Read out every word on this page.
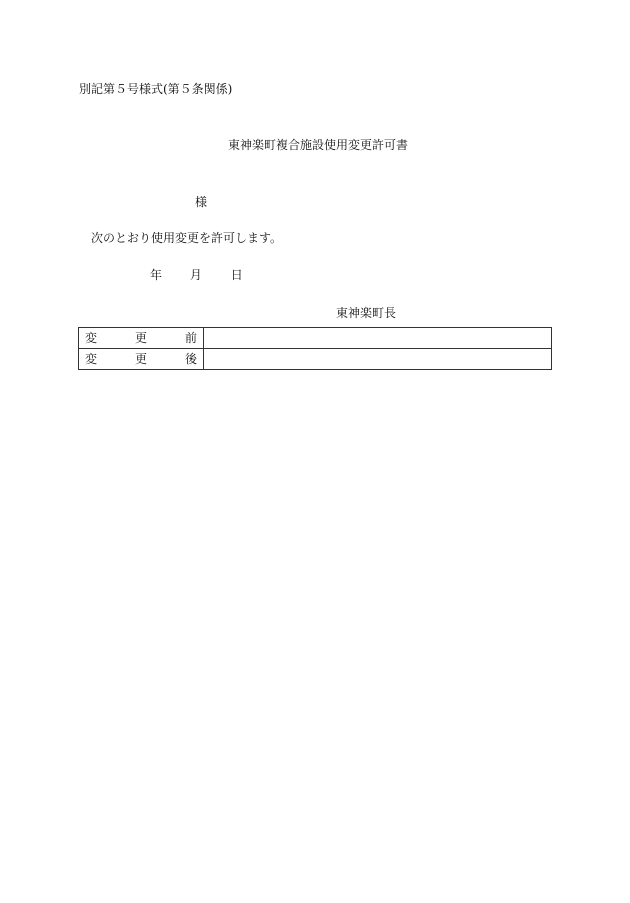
別記第５号様式(第５条関係)
東神楽町複合施設使用変更許可書
様
次のとおり使用変更を許可します。
年 月 日
東神楽町長
変 更 前	

変 更 後	
